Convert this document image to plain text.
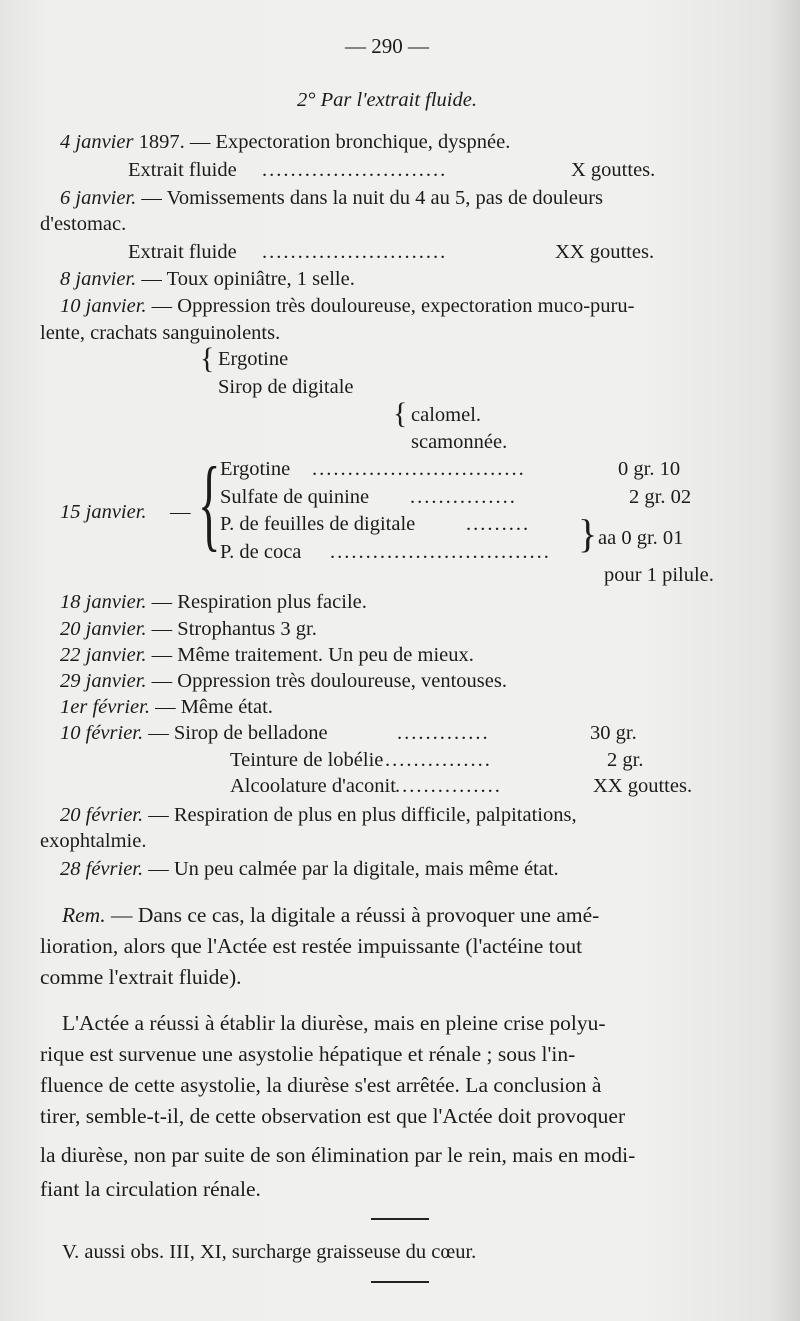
— 290 —
2° Par l'extrait fluide.
4 janvier 1897. — Expectoration bronchique, dyspnée.
Extrait fluide ..........................	X gouttes.
6 janvier. — Vomissements dans la nuit du 4 au 5, pas de douleurs
d'estomac.
Extrait fluide ..........................	XX gouttes.
8 janvier. — Toux opiniâtre, 1 selle.
10 janvier. — Oppression très douloureuse, expectoration muco-puru-
lente, crachats sanguinolents.
{ Ergotine
Sirop de digitale
{ calomel.
scamonnée.
15 janvier. — { Ergotine ..............................	0 gr. 10
Sulfate de quinine ...............	2 gr. 02
P. de feuilles de digitale .........
P. de coca ............................... } aa 0 gr. 01
pour 1 pilule.
18 janvier. — Respiration plus facile.
20 janvier. — Strophantus 3 gr.
22 janvier. — Même traitement. Un peu de mieux.
29 janvier. — Oppression très douloureuse, ventouses.
1er février. — Même état.
10 février. — Sirop de belladone	.............	30 gr.
Teinture de lobélie ...............	2 gr.
Alcoolature d'aconit ...............	XX gouttes.
20 février. — Respiration de plus en plus difficile, palpitations,
exophtalmie.
28 février. — Un peu calmée par la digitale, mais même état.
Rem. — Dans ce cas, la digitale a réussi à provoquer une amé-
lioration, alors que l'Actée est restée impuissante (l'actéine tout
comme l'extrait fluide).
L'Actée a réussi à établir la diurèse, mais en pleine crise polyu-
rique est survenue une asystolie hépatique et rénale ; sous l'in-
fluence de cette asystolie, la diurèse s'est arrêtée. La conclusion à
tirer, semble-t-il, de cette observation est que l'Actée doit provoquer
la diurèse, non par suite de son élimination par le rein, mais en modi-
fiant la circulation rénale.
V. aussi obs. III, XI, surcharge graisseuse du cœur.
